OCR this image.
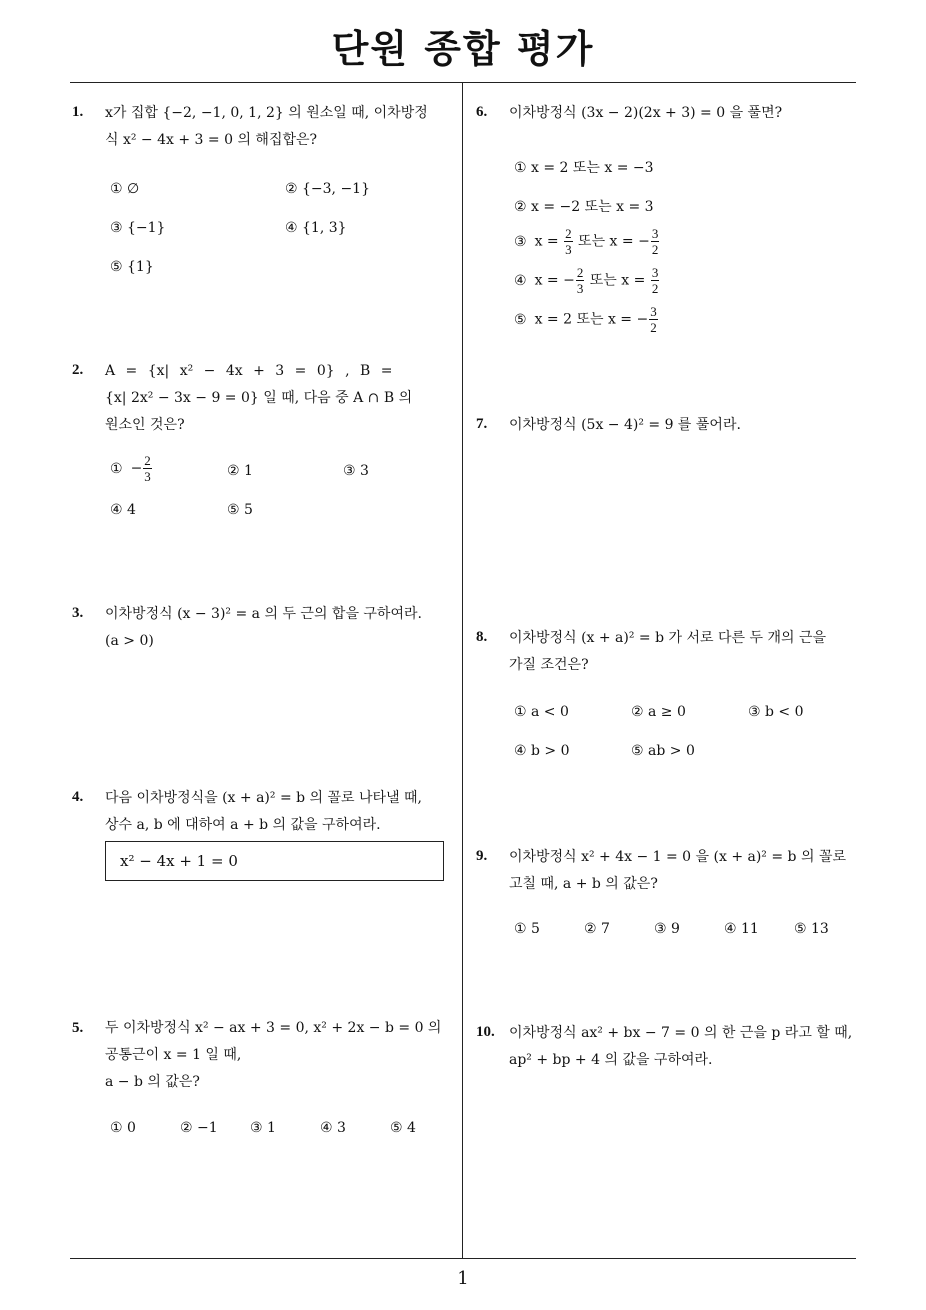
단원 종합 평가
1
1. x가 집합 {−2, −1, 0, 1, 2} 의 원소일 때, 이차방정
식 x² − 4x + 3 = 0 의 해집합은?
① ∅	② {−3, −1}
③ {−1}	④ {1, 3}
⑤ {1}
2. A = {x| x² − 4x + 3 = 0} , B =
{x| 2x² − 3x − 9 = 0} 일 때, 다음 중 A ∩ B 의
원소인 것은?
① − $\frac{2}{3}$	② 1	③ 3
④ 4	⑤ 5
3. 이차방정식 (x − 3)² = a 의 두 근의 합을 구하여라.
(a > 0)
4. 다음 이차방정식을 (x + a)² = b 의 꼴로 나타낼 때,
상수 a, b 에 대하여 a + b 의 값을 구하여라.
x² − 4x + 1 = 0
5. 두 이차방정식 x² − ax + 3 = 0, x² + 2x − b = 0 의
공통근이 x = 1 일 때,
a − b 의 값은?
① 0	② −1 ③ 1	④ 3	⑤ 4
6. 이차방정식 (3x − 2)(2x + 3) = 0 을 풀면?
① x = 2 또는 x = −3
② x = −2 또는 x = 3
③ $x = \frac{2}{3}$ 또는 x = − $\frac{3}{2}$
④ x = − $\frac{2}{3}$ 또는 $x = \frac{3}{2}$
⑤ x = 2 또는 x = − $\frac{3}{2}$
7. 이차방정식 (5x − 4)² = 9 를 풀어라.
8. 이차방정식 (x + a)² = b 가 서로 다른 두 개의 근을
가질 조건은?
① a < 0	② a ≥ 0	③ b < 0
④ b > 0	⑤ ab > 0
9. 이차방정식 x² + 4x − 1 = 0 을 (x + a)² = b 의 꼴로
고칠 때, a + b 의 값은?
① 5	② 7	③ 9	④ 11	⑤ 13
10. 이차방정식 ax² + bx − 7 = 0 의 한 근을 p 라고 할 때,
ap² + bp + 4 의 값을 구하여라.
